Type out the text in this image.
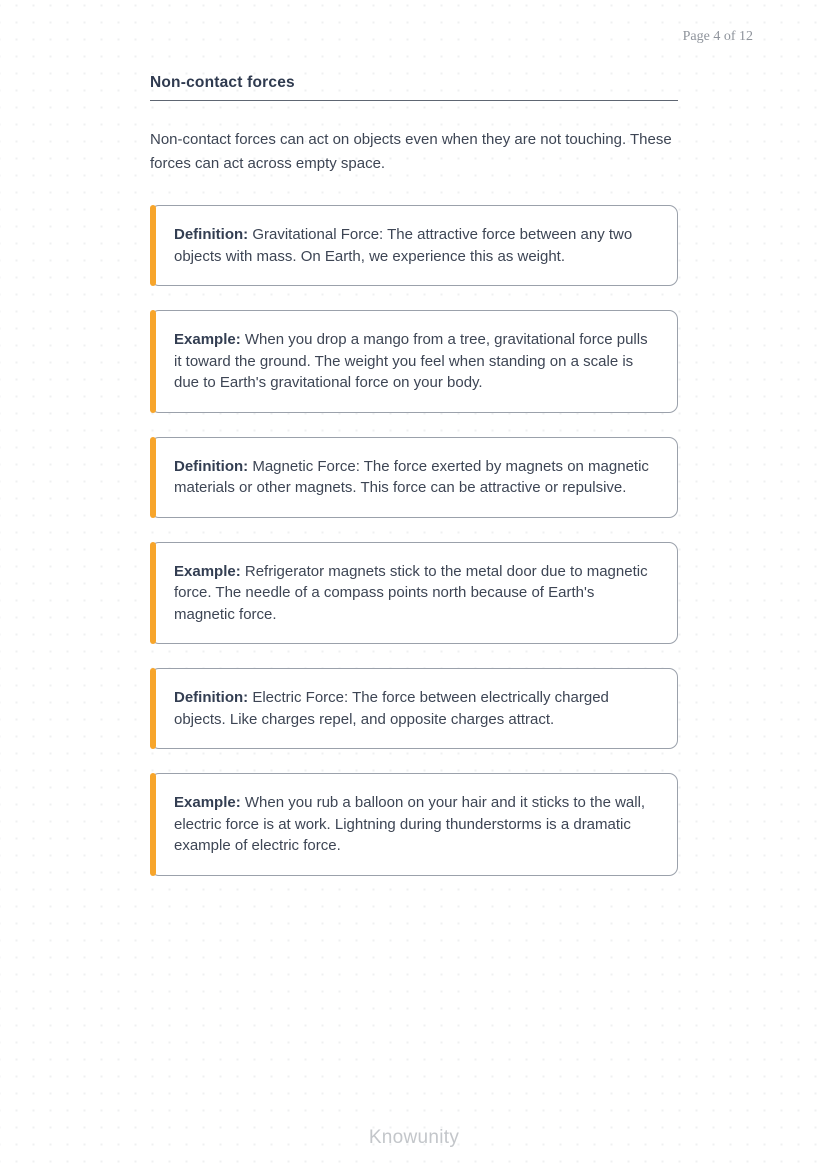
Page 4 of 12
Non-contact forces

Non-contact forces can act on objects even when they are not touching. These forces can act across empty space.

Definition: Gravitational Force: The attractive force between any two objects with mass. On Earth, we experience this as weight.
Example: When you drop a mango from a tree, gravitational force pulls it toward the ground. The weight you feel when standing on a scale is due to Earth's gravitational force on your body.
Definition: Magnetic Force: The force exerted by magnets on magnetic materials or other magnets. This force can be attractive or repulsive.
Example: Refrigerator magnets stick to the metal door due to magnetic force. The needle of a compass points north because of Earth's magnetic force.
Definition: Electric Force: The force between electrically charged objects. Like charges repel, and opposite charges attract.
Example: When you rub a balloon on your hair and it sticks to the wall, electric force is at work. Lightning during thunderstorms is a dramatic example of electric force.
Knowunity
